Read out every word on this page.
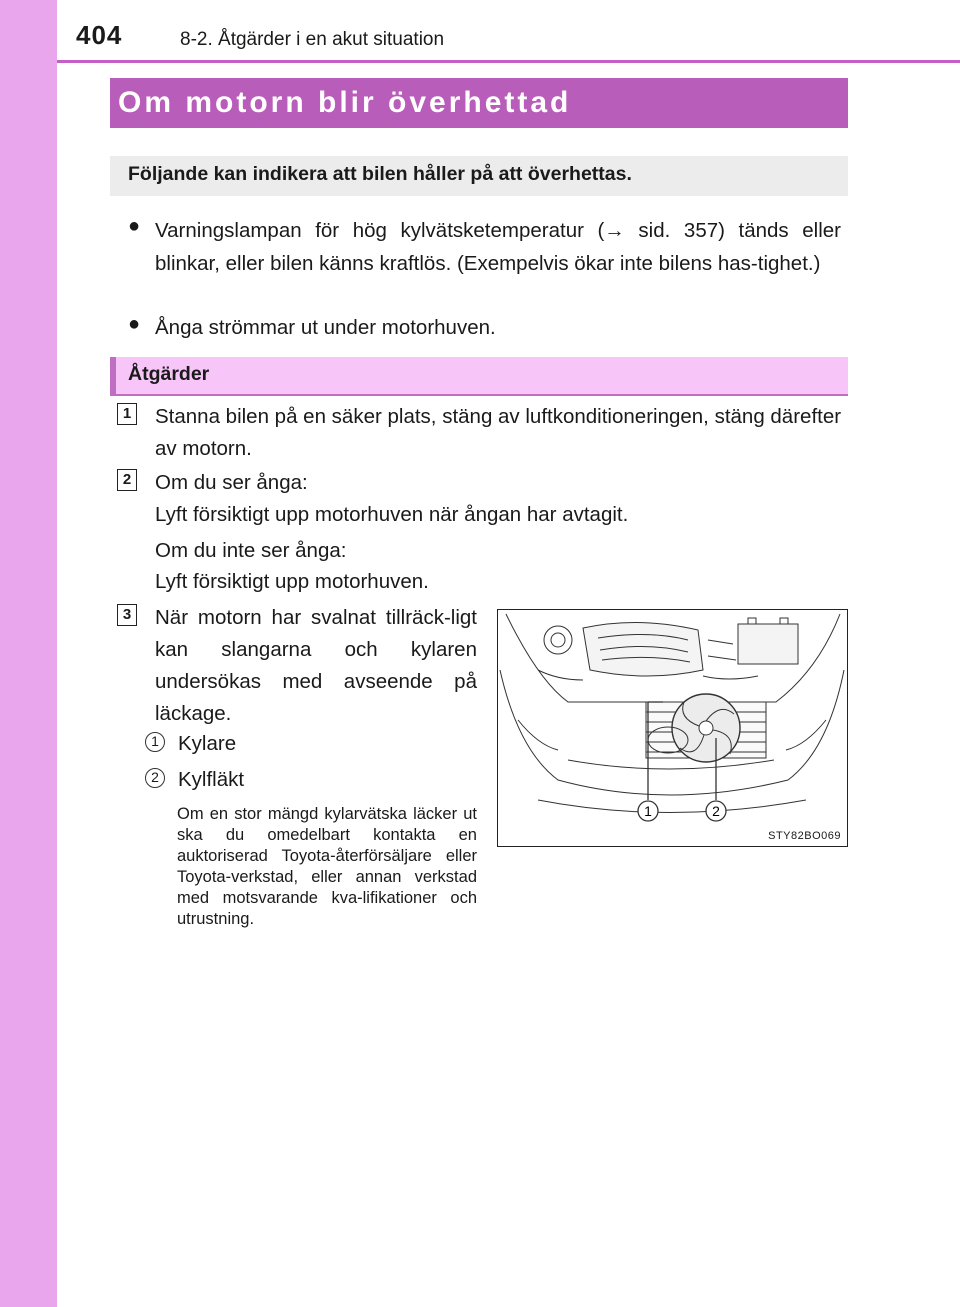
404	8-2. Åtgärder i en akut situation
Om motorn blir överhettad
Följande kan indikera att bilen håller på att överhettas.
● Varningslampan för hög kylvätsketemperatur (→ sid. 357) tänds eller blinkar, eller bilen känns kraftlös. (Exempelvis ökar inte bilens has-tighet.)
● Ånga strömmar ut under motorhuven.
Åtgärder
1 Stanna bilen på en säker plats, stäng av luftkonditioneringen, stäng därefter av motorn.
2 Om du ser ånga:
Lyft försiktigt upp motorhuven när ångan har avtagit.
Om du inte ser ånga:
Lyft försiktigt upp motorhuven.
3 När motorn har svalnat tillräck-ligt kan slangarna och kylaren undersökas med avseende på läckage.
1 Kylare
2 Kylfläkt
Om en stor mängd kylarvätska läcker ut ska du omedelbart kontakta en auktoriserad Toyota-återförsäljare eller Toyota-verkstad, eller annan verkstad med motsvarande kva-lifikationer och utrustning.
1	2
STY82BO069
